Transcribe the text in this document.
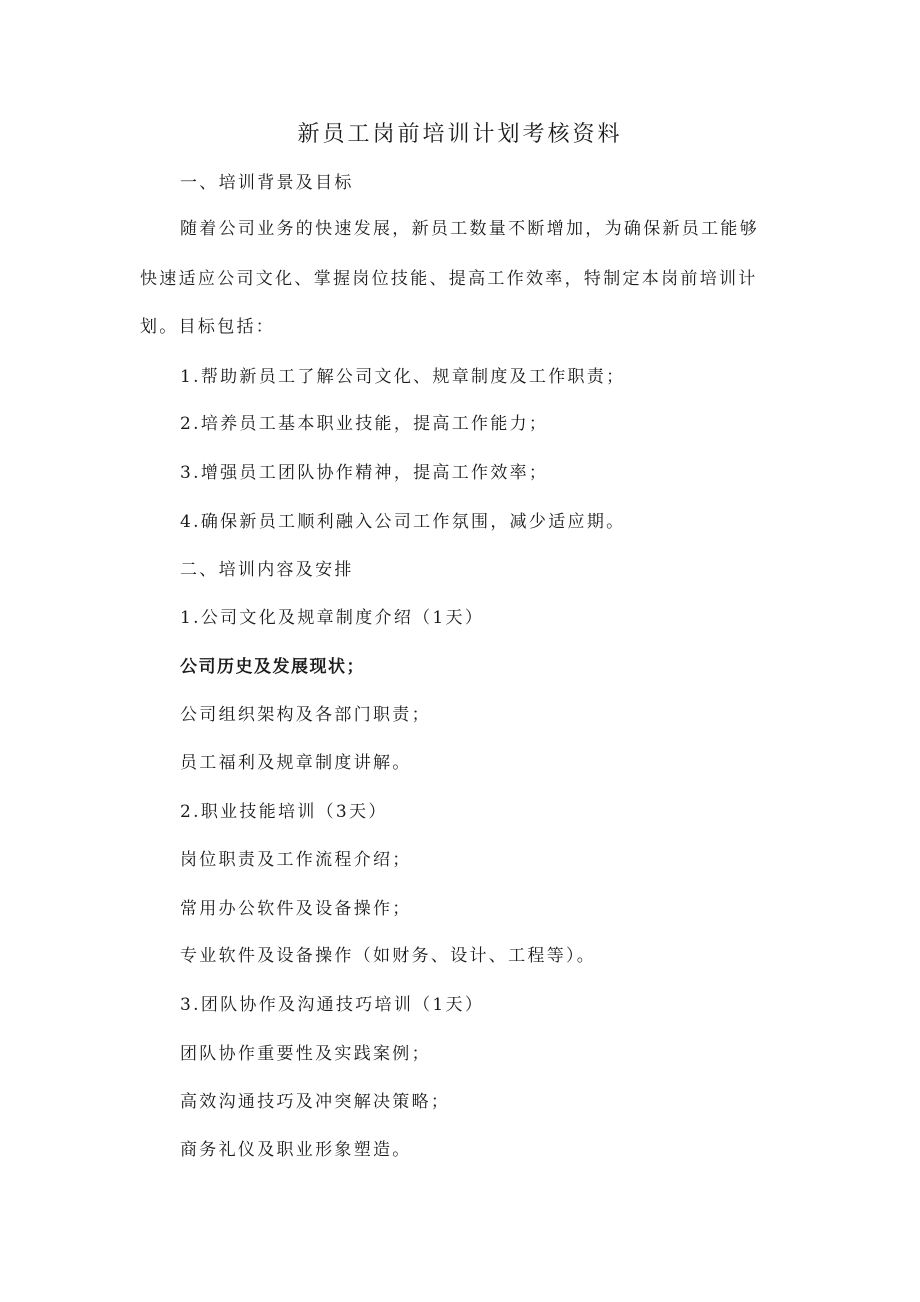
新员工岗前培训计划考核资料

一、培训背景及目标

随着公司业务的快速发展，新员工数量不断增加，为确保新员工能够

快速适应公司文化、掌握岗位技能、提高工作效率，特制定本岗前培训计

划。目标包括：

1.帮助新员工了解公司文化、规章制度及工作职责；

2.培养员工基本职业技能，提高工作能力；

3.增强员工团队协作精神，提高工作效率；

4.确保新员工顺利融入公司工作氛围，减少适应期。

二、培训内容及安排

1.公司文化及规章制度介绍（1天）

公司历史及发展现状；

公司组织架构及各部门职责；

员工福利及规章制度讲解。

2.职业技能培训（3天）

岗位职责及工作流程介绍；

常用办公软件及设备操作；

专业软件及设备操作（如财务、设计、工程等）。

3.团队协作及沟通技巧培训（1天）

团队协作重要性及实践案例；

高效沟通技巧及冲突解决策略；

商务礼仪及职业形象塑造。
